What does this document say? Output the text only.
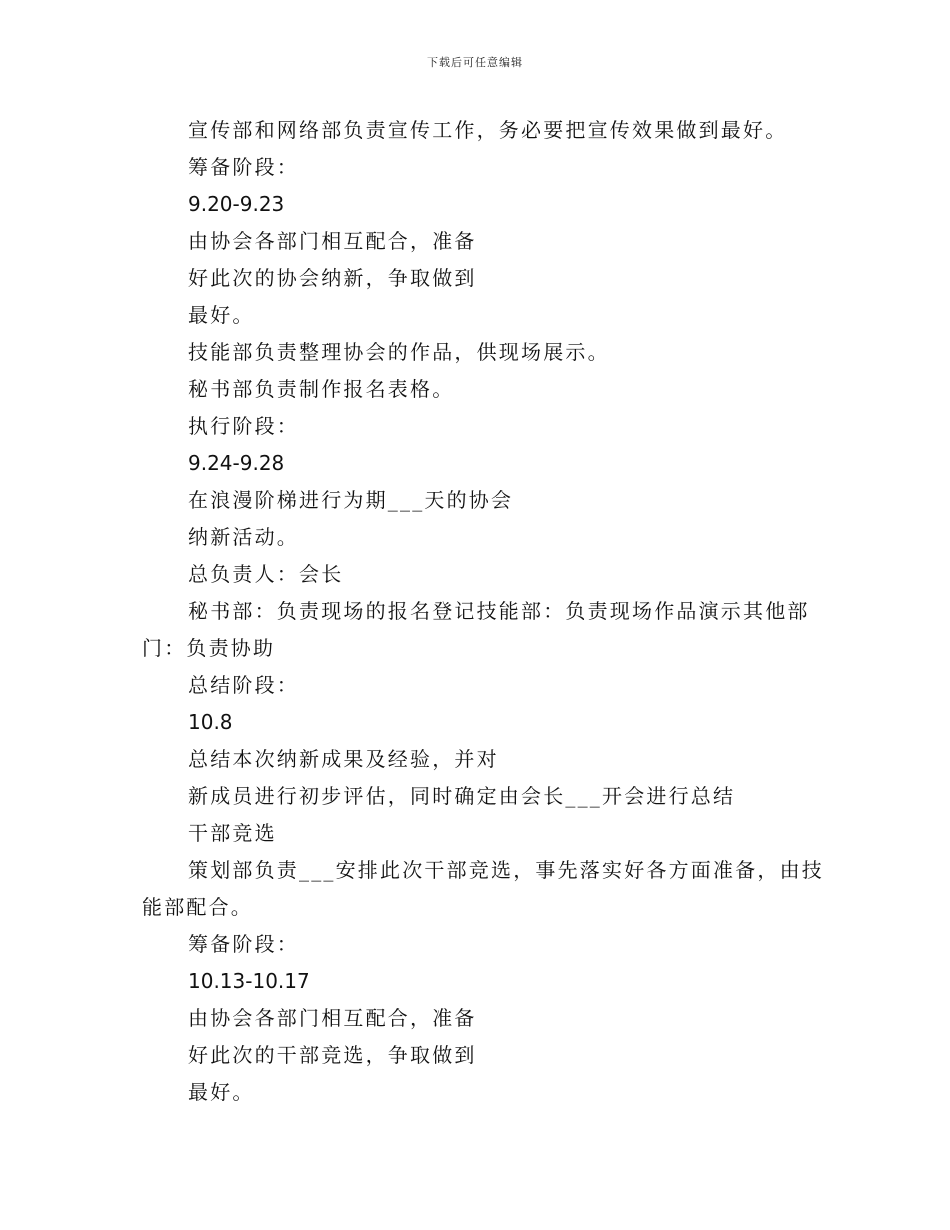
下载后可任意编辑
宣传部和网络部负责宣传工作，务必要把宣传效果做到最好。
筹备阶段：
9.20-9.23
由协会各部门相互配合，准备
好此次的协会纳新，争取做到
最好。
技能部负责整理协会的作品，供现场展示。
秘书部负责制作报名表格。
执行阶段：
9.24-9.28
在浪漫阶梯进行为期___天的协会
纳新活动。
总负责人：会长
秘书部：负责现场的报名登记技能部：负责现场作品演示其他部
门：负责协助
总结阶段：
10.8
总结本次纳新成果及经验，并对
新成员进行初步评估，同时确定由会长___开会进行总结
干部竞选
策划部负责___安排此次干部竞选，事先落实好各方面准备，由技
能部配合。
筹备阶段：
10.13-10.17
由协会各部门相互配合，准备
好此次的干部竞选，争取做到
最好。
